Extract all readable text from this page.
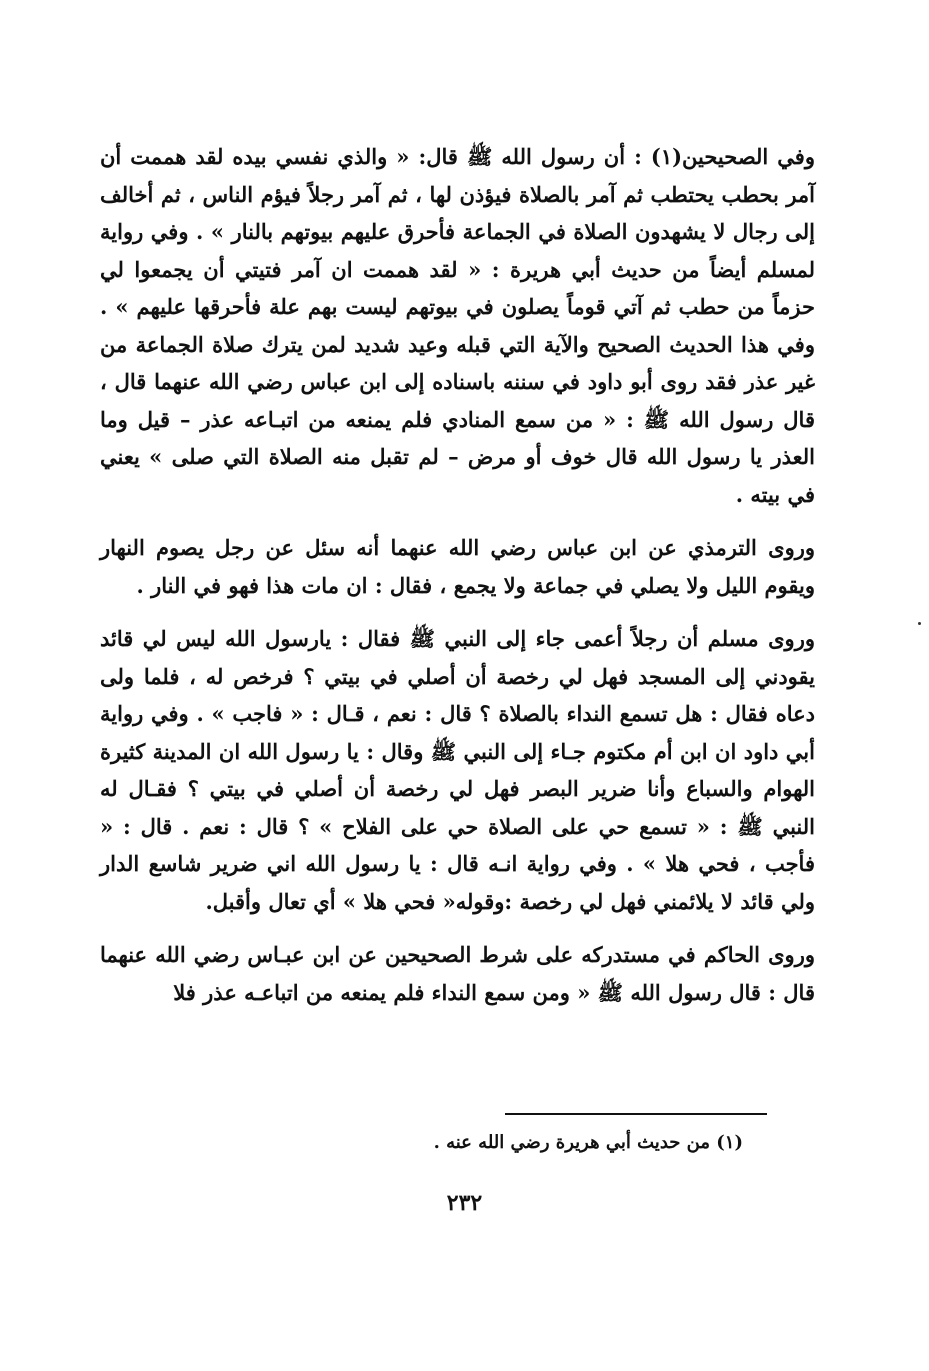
وفي الصحيحين(١) : أن رسول الله ﷺ قال: « والذي نفسي بيده لقد هممت أن آمر بحطب يحتطب ثم آمر بالصلاة فيؤذن لها ، ثم آمر رجلاً فيؤم الناس ، ثم أخالف إلى رجال لا يشهدون الصلاة في الجماعة فأحرق عليهم بيوتهم بالنار » . وفي رواية لمسلم أيضاً من حديث أبي هريرة : « لقد هممت ان آمر فتيتي أن يجمعوا لي حزماً من حطب ثم آتي قوماً يصلون في بيوتهم ليست بهم علة فأحرقها عليهم » . وفي هذا الحديث الصحيح والآية التي قبله وعيد شديد لمن يترك صلاة الجماعة من غير عذر فقد روى أبو داود في سننه باسناده إلى ابن عباس رضي الله عنهما قال ، قال رسول الله ﷺ : « من سمع المنادي فلم يمنعه من اتبـاعه عذر – قيل وما العذر يا رسول الله قال خوف أو مرض – لم تقبل منه الصلاة التي صلى » يعني في بيته .

وروى الترمذي عن ابن عباس رضي الله عنهما أنه سئل عن رجل يصوم النهار ويقوم الليل ولا يصلي في جماعة ولا يجمع ، فقال : ان مات هذا فهو في النار .

وروى مسلم أن رجلاً أعمى جاء إلى النبي ﷺ فقال : يارسول الله ليس لي قائد يقودني إلى المسجد فهل لي رخصة أن أصلي في بيتي ؟ فرخص له ، فلما ولى دعاه فقال : هل تسمع النداء بالصلاة ؟ قال : نعم ، قـال : « فاجب » . وفي رواية أبي داود ان ابن أم مكتوم جـاء إلى النبي ﷺ وقال : يا رسول الله ان المدينة كثيرة الهوام والسباع وأنا ضرير البصر فهل لي رخصة أن أصلي في بيتي ؟ فقـال له النبي ﷺ : « تسمع حي على الصلاة حي على الفلاح » ؟ قال : نعم . قال : « فأجب ، فحي هلا » . وفي رواية انـه قال : يا رسول الله اني ضرير شاسع الدار ولي قائد لا يلائمني فهل لي رخصة :وقوله« فحي هلا » أي تعال وأقبل.

وروى الحاكم في مستدركه على شرط الصحيحين عن ابن عبـاس رضي الله عنهما قال : قال رسول الله ﷺ « ومن سمع النداء فلم يمنعه من اتباعـه عذر فلا

(١) من حديث أبي هريرة رضي الله عنه .
٢٣٢
